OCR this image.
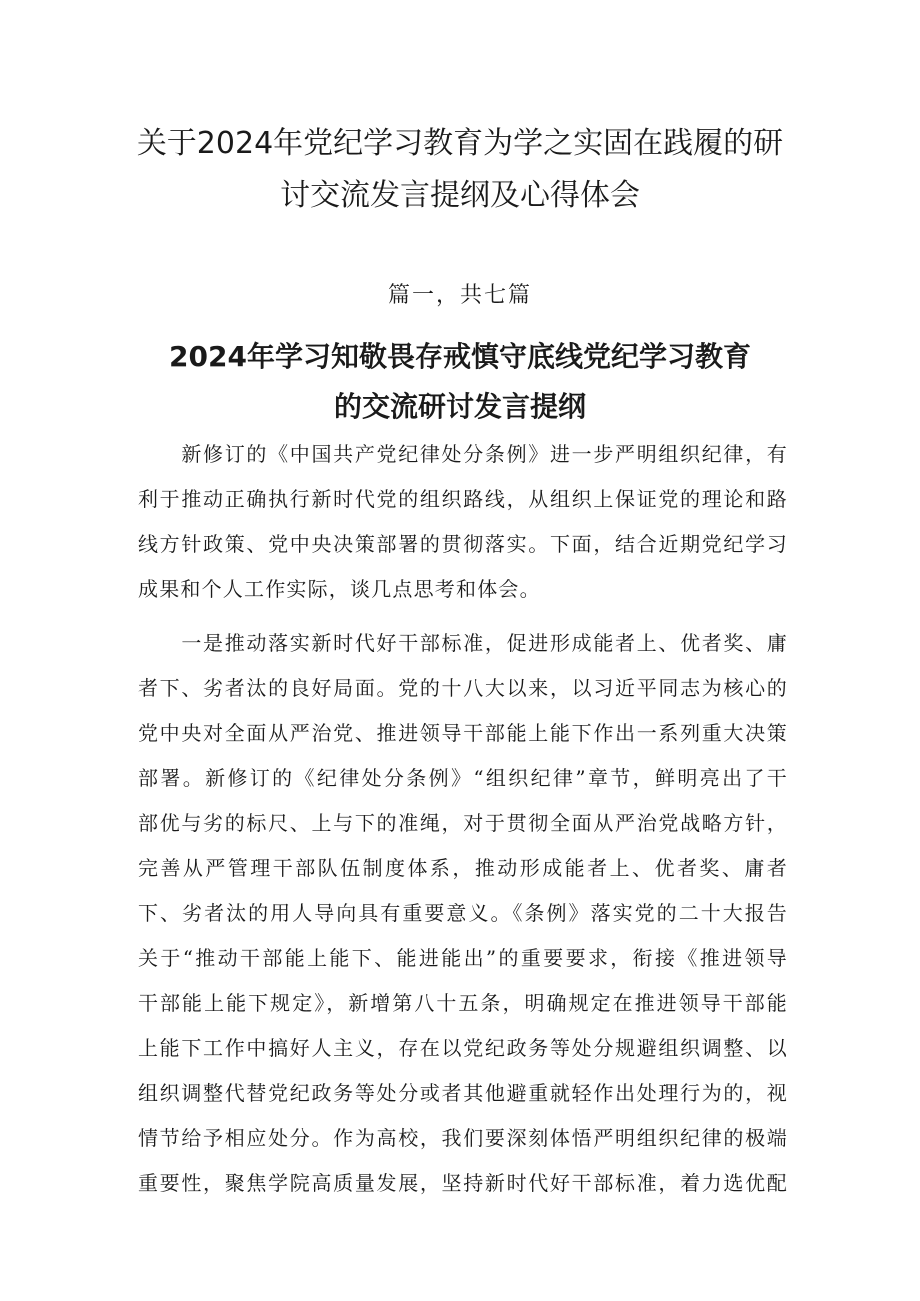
关于2024年党纪学习教育为学之实固在践履的研
讨交流发言提纲及心得体会
篇一，共七篇
2024年学习知敬畏存戒慎守底线党纪学习教育
的交流研讨发言提纲
　　新修订的《中国共产党纪律处分条例》进一步严明组织纪律，有
利于推动正确执行新时代党的组织路线，从组织上保证党的理论和路
线方针政策、党中央决策部署的贯彻落实。下面，结合近期党纪学习
成果和个人工作实际，谈几点思考和体会。
　　一是推动落实新时代好干部标准，促进形成能者上、优者奖、庸
者下、劣者汰的良好局面。党的十八大以来，以习近平同志为核心的
党中央对全面从严治党、推进领导干部能上能下作出一系列重大决策
部署。新修订的《纪律处分条例》“组织纪律”章节，鲜明亮出了干
部优与劣的标尺、上与下的准绳，对于贯彻全面从严治党战略方针，
完善从严管理干部队伍制度体系，推动形成能者上、优者奖、庸者
下、劣者汰的用人导向具有重要意义。《条例》落实党的二十大报告
关于“推动干部能上能下、能进能出”的重要要求，衔接《推进领导
干部能上能下规定》，新增第八十五条，明确规定在推进领导干部能
上能下工作中搞好人主义，存在以党纪政务等处分规避组织调整、以
组织调整代替党纪政务等处分或者其他避重就轻作出处理行为的，视
情节给予相应处分。作为高校，我们要深刻体悟严明组织纪律的极端
重要性，聚焦学院高质量发展，坚持新时代好干部标准，着力选优配
